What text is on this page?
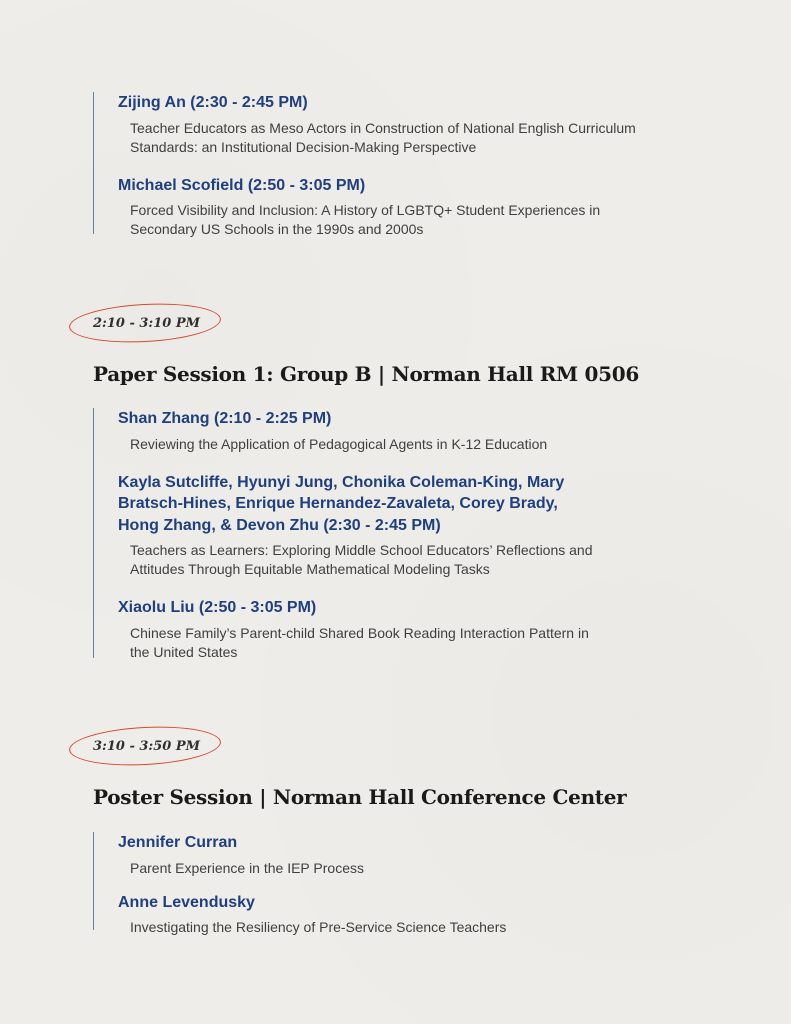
Zijing An (2:30 - 2:45 PM)

Teacher Educators as Meso Actors in Construction of National English Curriculum
Standards: an Institutional Decision-Making Perspective

Michael Scofield (2:50 - 3:05 PM)

Forced Visibility and Inclusion: A History of LGBTQ+ Student Experiences in
Secondary US Schools in the 1990s and 2000s

2:10 - 3:10 PM
Paper Session 1: Group B | Norman Hall RM 0506

Shan Zhang (2:10 - 2:25 PM)

Reviewing the Application of Pedagogical Agents in K-12 Education

Kayla Sutcliffe, Hyunyi Jung, Chonika Coleman-King, Mary
Bratsch-Hines, Enrique Hernandez-Zavaleta, Corey Brady,
Hong Zhang, & Devon Zhu (2:30 - 2:45 PM)

Teachers as Learners: Exploring Middle School Educators’ Reflections and
Attitudes Through Equitable Mathematical Modeling Tasks

Xiaolu Liu (2:50 - 3:05 PM)

Chinese Family’s Parent-child Shared Book Reading Interaction Pattern in
the United States

3:10 - 3:50 PM
Poster Session | Norman Hall Conference Center

Jennifer Curran

Parent Experience in the IEP Process

Anne Levendusky

Investigating the Resiliency of Pre-Service Science Teachers
